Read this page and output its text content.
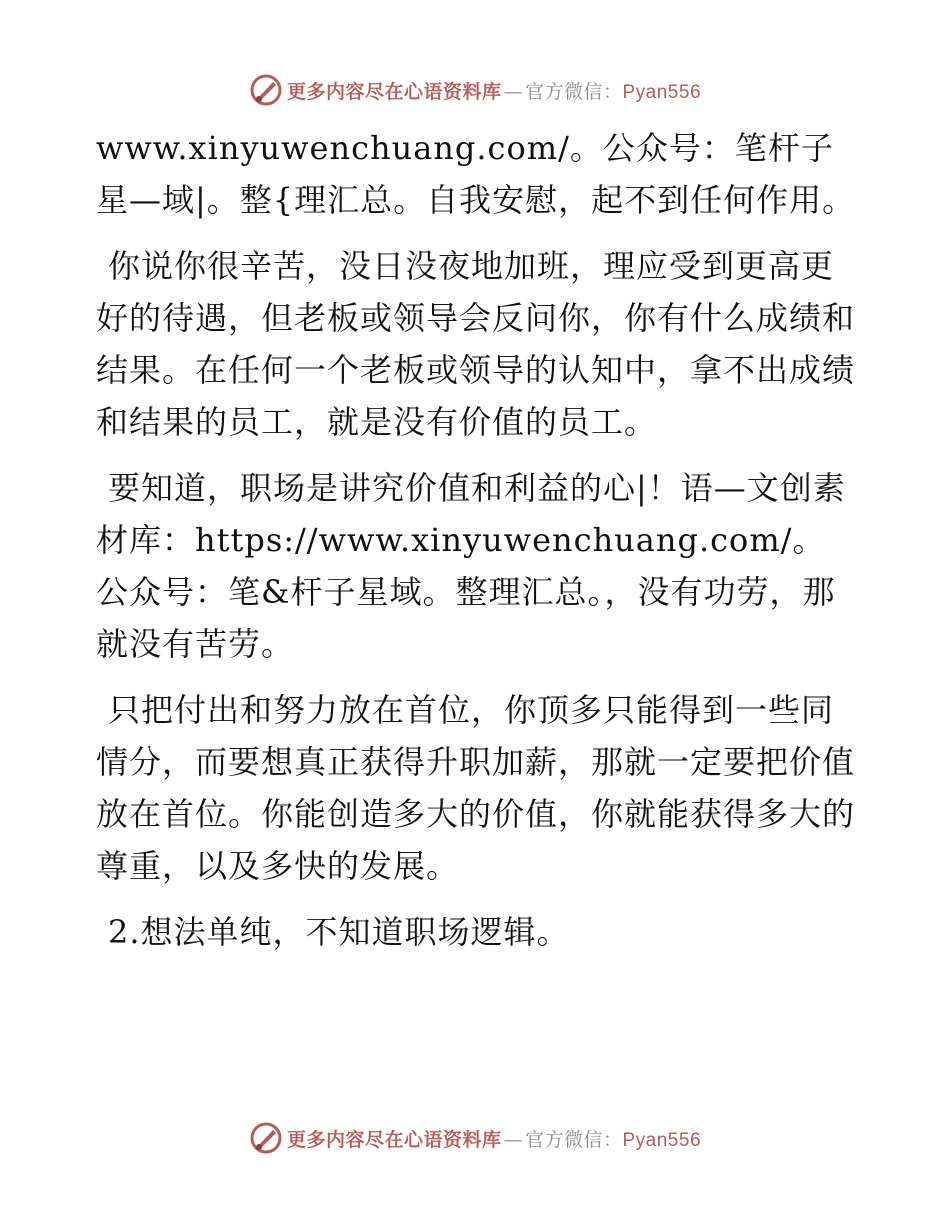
更多内容尽在心语资料库 — 官方微信：Pyan556

www.xinyuwenchuang.com/。公众号：笔杆子星—域|。整{理汇总。自我安慰，起不到任何作用。

你说你很辛苦，没日没夜地加班，理应受到更高更好的待遇，但老板或领导会反问你，你有什么成绩和结果。在任何一个老板或领导的认知中，拿不出成绩和结果的员工，就是没有价值的员工。

要知道，职场是讲究价值和利益的心|！语—文创素材库：https://www.xinyuwenchuang.com/。公众号：笔&杆子星域。整理汇总。，没有功劳，那就没有苦劳。

只把付出和努力放在首位，你顶多只能得到一些同情分，而要想真正获得升职加薪，那就一定要把价值放在首位。你能创造多大的价值，你就能获得多大的尊重，以及多快的发展。

2.想法单纯，不知道职场逻辑。

更多内容尽在心语资料库 — 官方微信：Pyan556
